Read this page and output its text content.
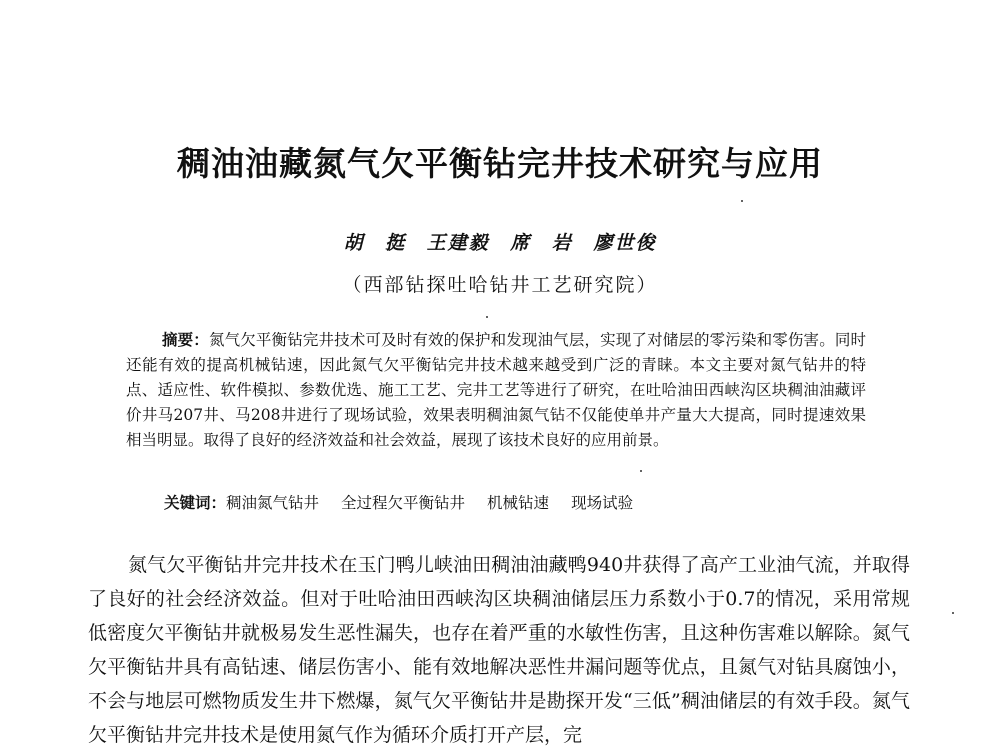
稠油油藏氮气欠平衡钻完井技术研究与应用
胡 挺 王建毅 席 岩 廖世俊
（西部钻探吐哈钻井工艺研究院）

摘要：氮气欠平衡钻完井技术可及时有效的保护和发现油气层，实现了对储层的零污染和零伤害。同时还能有效的提高机械钻速，因此氮气欠平衡钻完井技术越来越受到广泛的青睐。本文主要对氮气钻井的特点、适应性、软件模拟、参数优选、施工工艺、完井工艺等进行了研究，在吐哈油田西峡沟区块稠油油藏评价井马207井、马208井进行了现场试验，效果表明稠油氮气钻不仅能使单井产量大大提高，同时提速效果相当明显。取得了良好的经济效益和社会效益，展现了该技术良好的应用前景。

关键词：稠油氮气钻井 全过程欠平衡钻井 机械钻速 现场试验

氮气欠平衡钻井完井技术在玉门鸭儿峡油田稠油油藏鸭940井获得了高产工业油气流，并取得了良好的社会经济效益。但对于吐哈油田西峡沟区块稠油储层压力系数小于0.7的情况，采用常规低密度欠平衡钻井就极易发生恶性漏失，也存在着严重的水敏性伤害，且这种伤害难以解除。氮气欠平衡钻井具有高钻速、储层伤害小、能有效地解决恶性井漏问题等优点，且氮气对钻具腐蚀小，不会与地层可燃物质发生井下燃爆，氮气欠平衡钻井是勘探开发“三低”稠油储层的有效手段。氮气欠平衡钻井完井技术是使用氮气作为循环介质打开产层，完
